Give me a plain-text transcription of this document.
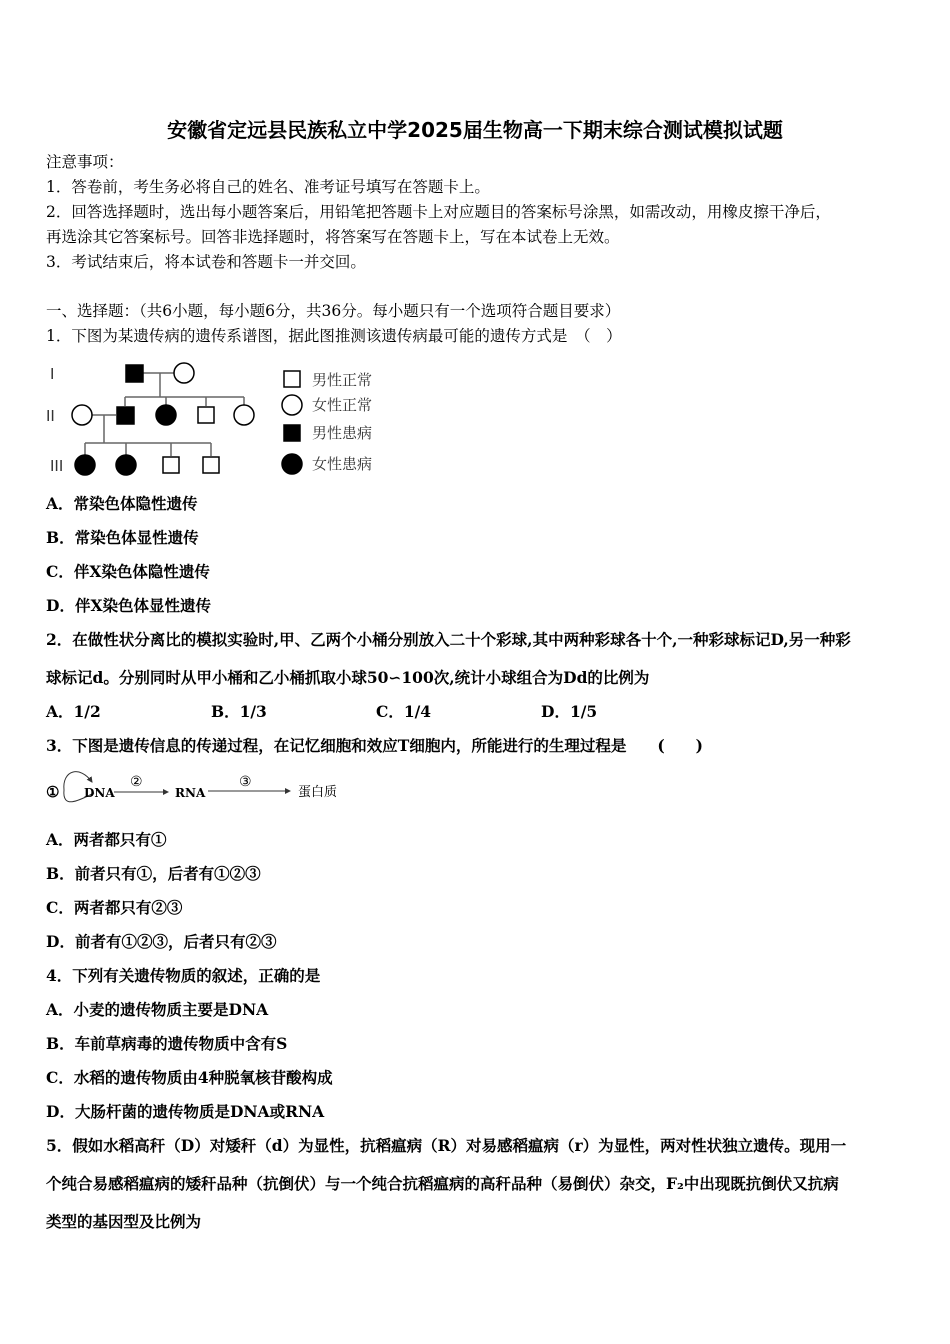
安徽省定远县民族私立中学2025届生物高一下期末综合测试模拟试题
注意事项：
1．答卷前，考生务必将自己的姓名、准考证号填写在答题卡上。
2．回答选择题时，选出每小题答案后，用铅笔把答题卡上对应题目的答案标号涂黑，如需改动，用橡皮擦干净后，
再选涂其它答案标号。回答非选择题时，将答案写在答题卡上，写在本试卷上无效。
3．考试结束后，将本试卷和答题卡一并交回。
一、选择题：（共6小题，每小题6分，共36分。每小题只有一个选项符合题目要求）
1．下图为某遗传病的遗传系谱图，据此图推测该遗传病最可能的遗传方式是　（　）
I
II
III
男性正常
女性正常
男性患病
女性患病
① DNA
②
RNA
③
蛋白质
A．常染色体隐性遗传
B．常染色体显性遗传
C．伴X染色体隐性遗传
D．伴X染色体显性遗传
2．在做性状分离比的模拟实验时,甲、乙两个小桶分别放入二十个彩球,其中两种彩球各十个,一种彩球标记D,另一种彩
球标记d。分别同时从甲小桶和乙小桶抓取小球50∽100次,统计小球组合为Dd的比例为
A．1/2	B．1/3	C．1/4	D．1/5
3．下图是遗传信息的传递过程，在记忆细胞和效应T细胞内，所能进行的生理过程是　　(　　)
A．两者都只有①
B．前者只有①，后者有①②③
C．两者都只有②③
D．前者有①②③，后者只有②③
4．下列有关遗传物质的叙述，正确的是
A．小麦的遗传物质主要是DNA
B．车前草病毒的遗传物质中含有S
C．水稻的遗传物质由4种脱氧核苷酸构成
D．大肠杆菌的遗传物质是DNA或RNA
5．假如水稻高秆（D）对矮秆（d）为显性，抗稻瘟病（R）对易感稻瘟病（r）为显性，两对性状独立遗传。现用一
个纯合易感稻瘟病的矮秆品种（抗倒伏）与一个纯合抗稻瘟病的高秆品种（易倒伏）杂交，F₂中出现既抗倒伏又抗病
类型的基因型及比例为
